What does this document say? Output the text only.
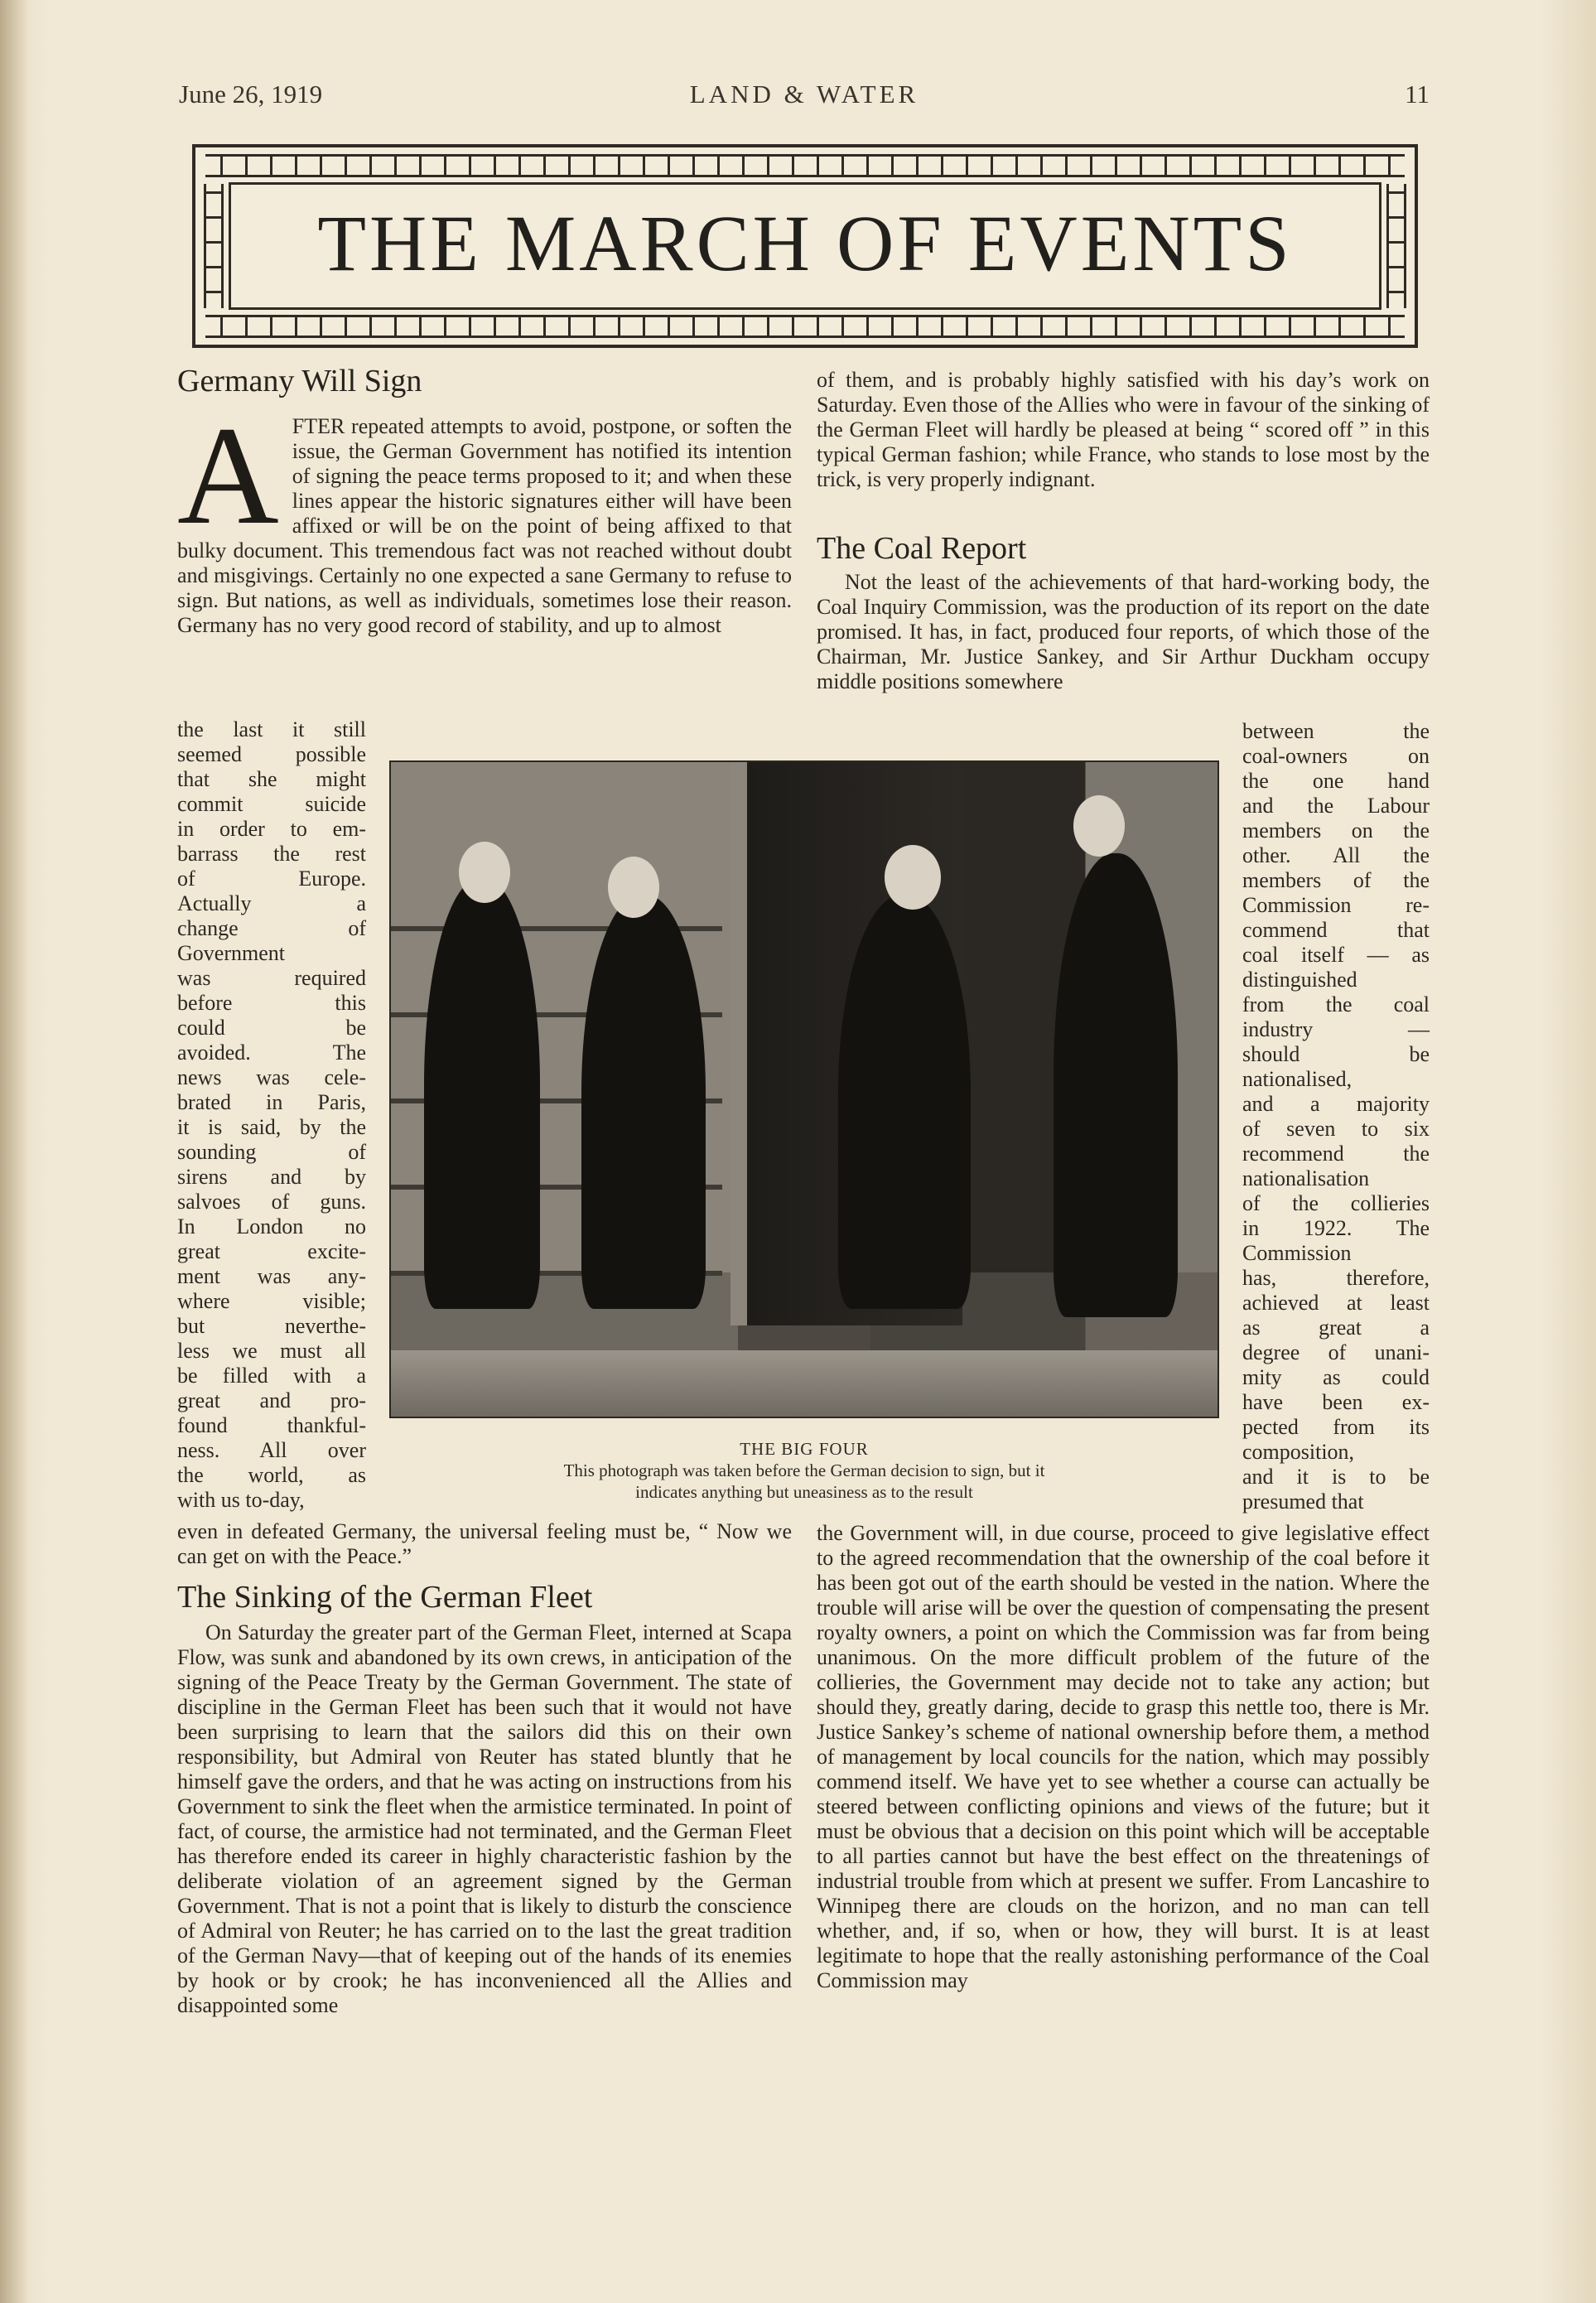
June 26, 1919	LAND & WATER	11
THE MARCH OF EVENTS
Germany Will Sign
A FTER repeated attempts to avoid, postpone, or soften the issue, the German Government has notified its intention of signing the peace terms proposed to it; and when these lines appear the historic signatures either will have been affixed or will be on the point of being affixed to that bulky document. This tremendous fact was not reached without doubt and misgivings. Certainly no one expected a sane Germany to refuse to sign. But nations, as well as individuals, sometimes lose their reason. Germany has no very good record of stability, and up to almost

the last it still
seemed possible
that she might
commit suicide
in order to em-
barrass the rest
of Europe.
Actually a
change of
Government
was required
before this
could be
avoided. The
news was cele-
brated in Paris,
it is said, by the
sounding of
sirens and by
salvoes of guns.
In London no
great excite-
ment was any-
where visible;
but neverthe-
less we must all
be filled with a
great and pro-
found thankful-
ness. All over
the world, as
with us to-day,

even in defeated Germany, the universal feeling must be, “ Now we can get on with the Peace.”

The Sinking of the German Fleet

On Saturday the greater part of the German Fleet, interned at Scapa Flow, was sunk and abandoned by its own crews, in anticipation of the signing of the Peace Treaty by the German Government. The state of discipline in the German Fleet has been such that it would not have been surprising to learn that the sailors did this on their own responsibility, but Admiral von Reuter has stated bluntly that he himself gave the orders, and that he was acting on instructions from his Government to sink the fleet when the armistice terminated. In point of fact, of course, the armistice had not terminated, and the German Fleet has therefore ended its career in highly characteristic fashion by the deliberate violation of an agreement signed by the German Government. That is not a point that is likely to disturb the conscience of Admiral von Reuter; he has carried on to the last the great tradition of the German Navy—that of keeping out of the hands of its enemies by hook or by crook; he has inconvenienced all the Allies and disappointed some

of them, and is probably highly satisfied with his day’s work on Saturday. Even those of the Allies who were in favour of the sinking of the German Fleet will hardly be pleased at being “ scored off ” in this typical German fashion; while France, who stands to lose most by the trick, is very properly indignant.

The Coal Report

Not the least of the achievements of that hard-working body, the Coal Inquiry Commission, was the production of its report on the date promised. It has, in fact, produced four reports, of which those of the Chairman, Mr. Justice Sankey, and Sir Arthur Duckham occupy middle positions somewhere

between the
coal-owners on
the one hand
and the Labour
members on the
other. All the
members of the
Commission re-
commend that
coal itself — as
distinguished
from the coal
industry —
should be
nationalised,
and a majority
of seven to six
recommend the
nationalisation
of the collieries
in 1922. The
Commission
has, therefore,
achieved at least
as great a
degree of unani-
mity as could
have been ex-
pected from its
composition,
and it is to be
presumed that

the Government will, in due course, proceed to give legislative effect to the agreed recommendation that the ownership of the coal before it has been got out of the earth should be vested in the nation. Where the trouble will arise will be over the question of compensating the present royalty owners, a point on which the Commission was far from being unanimous. On the more difficult problem of the future of the collieries, the Government may decide not to take any action; but should they, greatly daring, decide to grasp this nettle too, there is Mr. Justice Sankey’s scheme of national ownership before them, a method of management by local councils for the nation, which may possibly commend itself. We have yet to see whether a course can actually be steered between conflicting opinions and views of the future; but it must be obvious that a decision on this point which will be acceptable to all parties cannot but have the best effect on the threatenings of industrial trouble from which at present we suffer. From Lancashire to Winnipeg there are clouds on the horizon, and no man can tell whether, and, if so, when or how, they will burst. It is at least legitimate to hope that the really astonishing performance of the Coal Commission may

THE BIG FOUR
This photograph was taken before the German decision to sign, but it indicates anything but uneasiness as to the result
